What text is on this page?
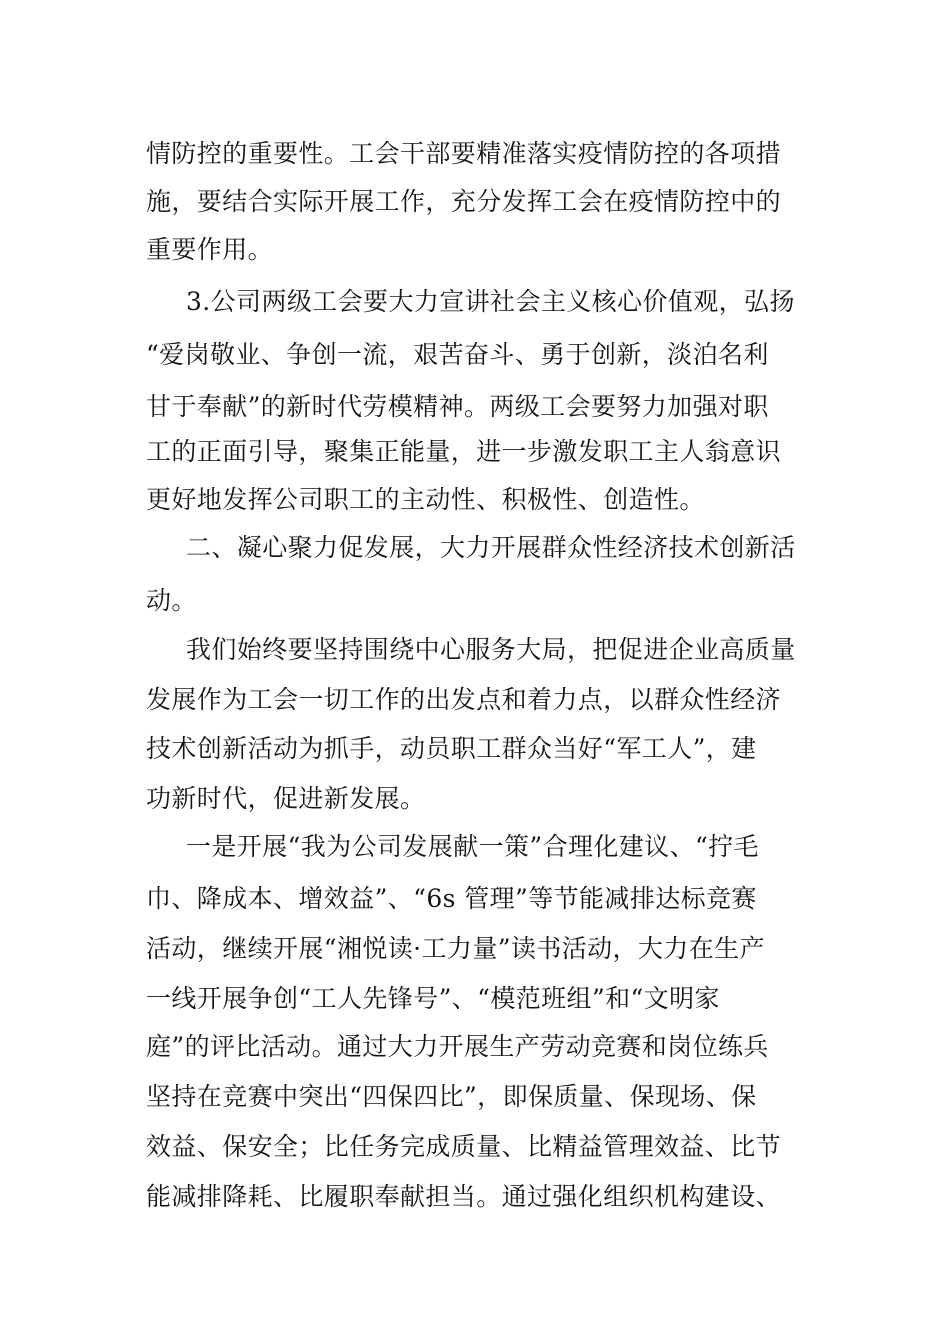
情防控的重要性。工会干部要精准落实疫情防控的各项措

施，要结合实际开展工作，充分发挥工会在疫情防控中的

重要作用。

3.公司两级工会要大力宣讲社会主义核心价值观，弘扬

“爱岗敬业、争创一流，艰苦奋斗、勇于创新，淡泊名利

甘于奉献”的新时代劳模精神。两级工会要努力加强对职

工的正面引导，聚集正能量，进一步激发职工主人翁意识

更好地发挥公司职工的主动性、积极性、创造性。

二、凝心聚力促发展，大力开展群众性经济技术创新活

动。

我们始终要坚持围绕中心服务大局，把促进企业高质量

发展作为工会一切工作的出发点和着力点，以群众性经济

技术创新活动为抓手，动员职工群众当好“军工人”，建

功新时代，促进新发展。

一是开展“我为公司发展献一策”合理化建议、“拧毛

巾、降成本、增效益”、“6s 管理”等节能减排达标竞赛

活动，继续开展“湘悦读·工力量”读书活动，大力在生产

一线开展争创“工人先锋号”、“模范班组”和“文明家

庭”的评比活动。通过大力开展生产劳动竞赛和岗位练兵

坚持在竞赛中突出“四保四比”，即保质量、保现场、保

效益、保安全；比任务完成质量、比精益管理效益、比节

能减排降耗、比履职奉献担当。通过强化组织机构建设、
